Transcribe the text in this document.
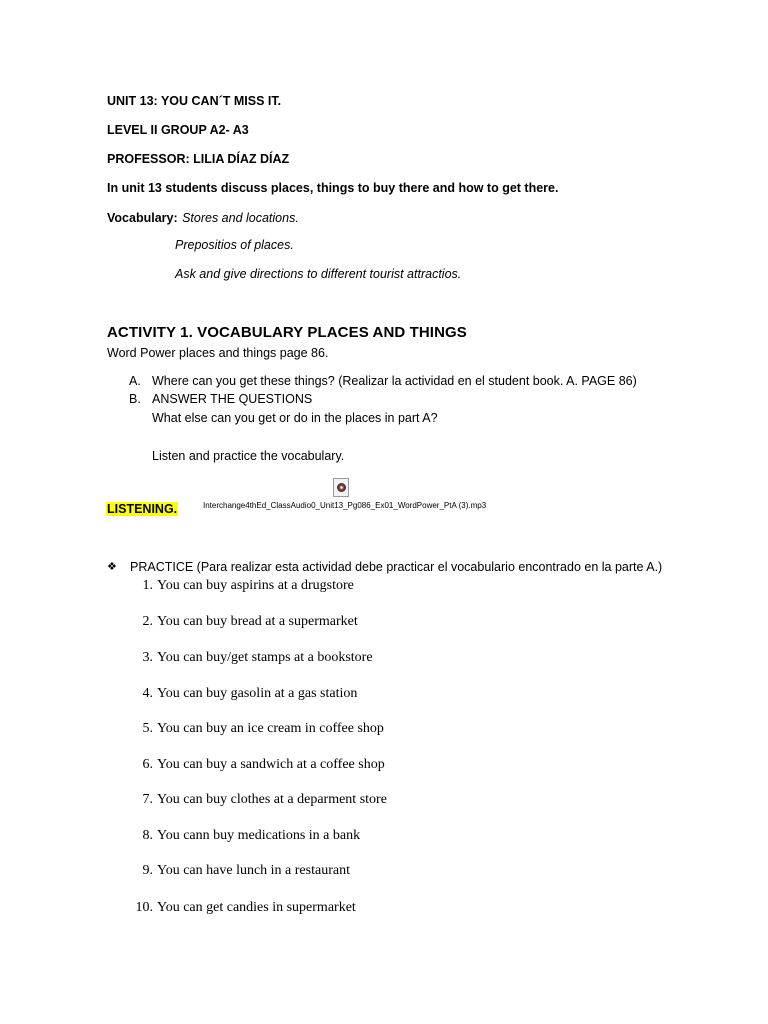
UNIT 13: YOU CAN´T MISS IT.
LEVEL II GROUP A2- A3
PROFESSOR: LILIA DÍAZ DÍAZ
In unit 13 students discuss places, things to buy there and how to get there.
Vocabulary: Stores and locations.
Prepositios of places.
Ask and give directions to different tourist attractios.
ACTIVITY 1. VOCABULARY PLACES AND THINGS
Word Power places and things page 86.
A. Where can you get these things? (Realizar la actividad en el student book. A. PAGE 86)
B. ANSWER THE QUESTIONS
What else can you get or do in the places in part A?
Listen and practice the vocabulary.
LISTENING.	Interchange4thEd_ClassAudio0_Unit13_Pg086_Ex01_WordPower_PtA (3).mp3
❖ PRACTICE (Para realizar esta actividad debe practicar el vocabulario encontrado en la parte A.)
1. You can buy aspirins at a drugstore
2. You can buy bread at a supermarket
3. You can buy/get stamps at a bookstore
4. You can buy gasolin at a gas station
5. You can buy an ice cream in coffee shop
6. You can buy a sandwich at a coffee shop
7. You can buy clothes at a deparment store
8. You cann buy medications in a bank
9. You can have lunch in a restaurant
10. You can get candies in supermarket
